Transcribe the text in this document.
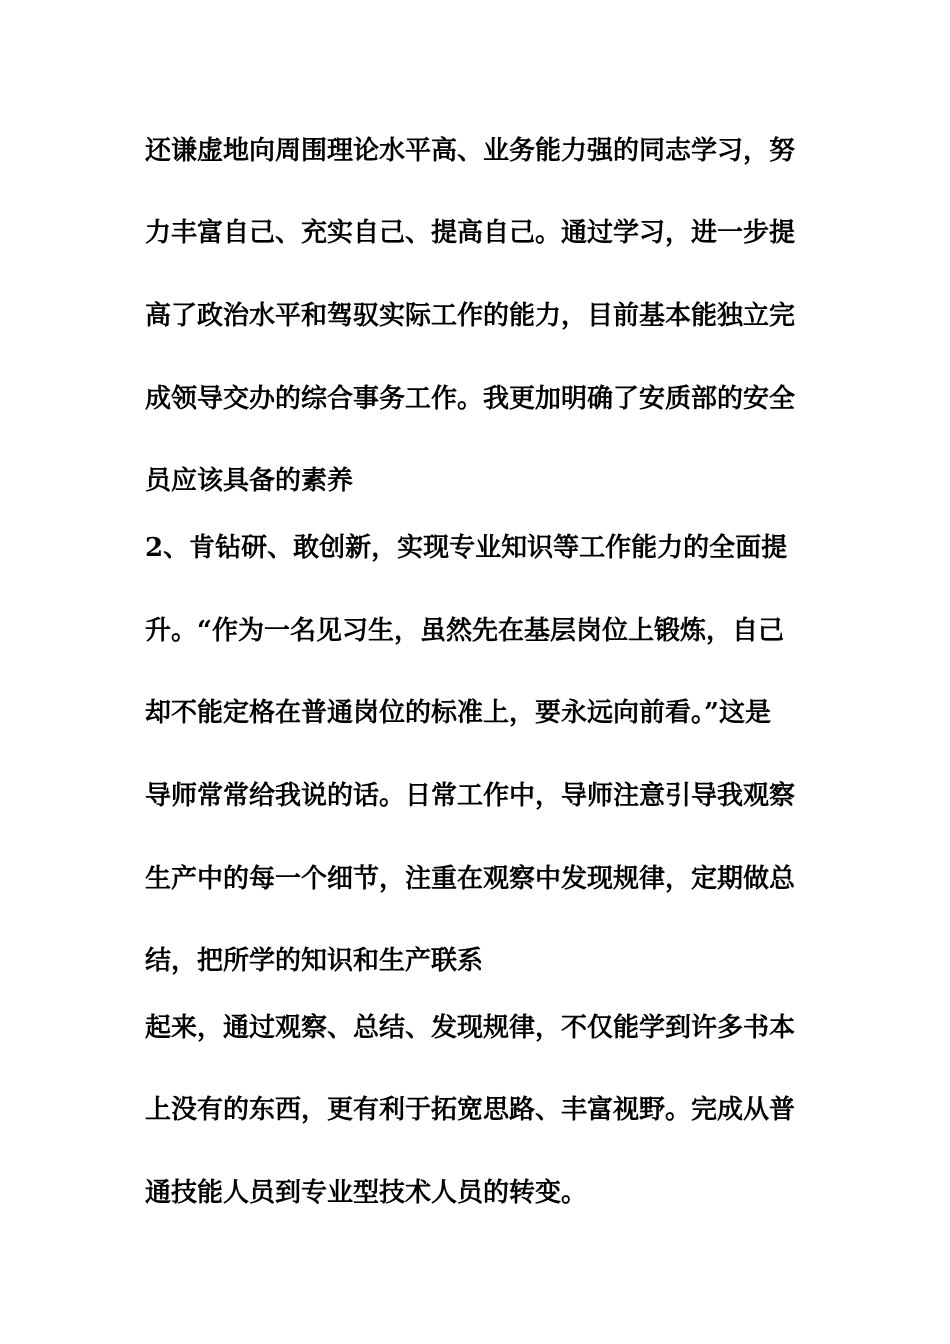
还谦虚地向周围理论水平高、业务能力强的同志学习，努
力丰富自己、充实自己、提高自己。通过学习，进一步提
高了政治水平和驾驭实际工作的能力，目前基本能独立完
成领导交办的综合事务工作。我更加明确了安质部的安全
员应该具备的素养
2、肯钻研、敢创新，实现专业知识等工作能力的全面提
升。“作为一名见习生，虽然先在基层岗位上锻炼，自己
却不能定格在普通岗位的标准上，要永远向前看。”这是
导师常常给我说的话。日常工作中，导师注意引导我观察
生产中的每一个细节，注重在观察中发现规律，定期做总
结，把所学的知识和生产联系
起来，通过观察、总结、发现规律，不仅能学到许多书本
上没有的东西，更有利于拓宽思路、丰富视野。完成从普
通技能人员到专业型技术人员的转变。
